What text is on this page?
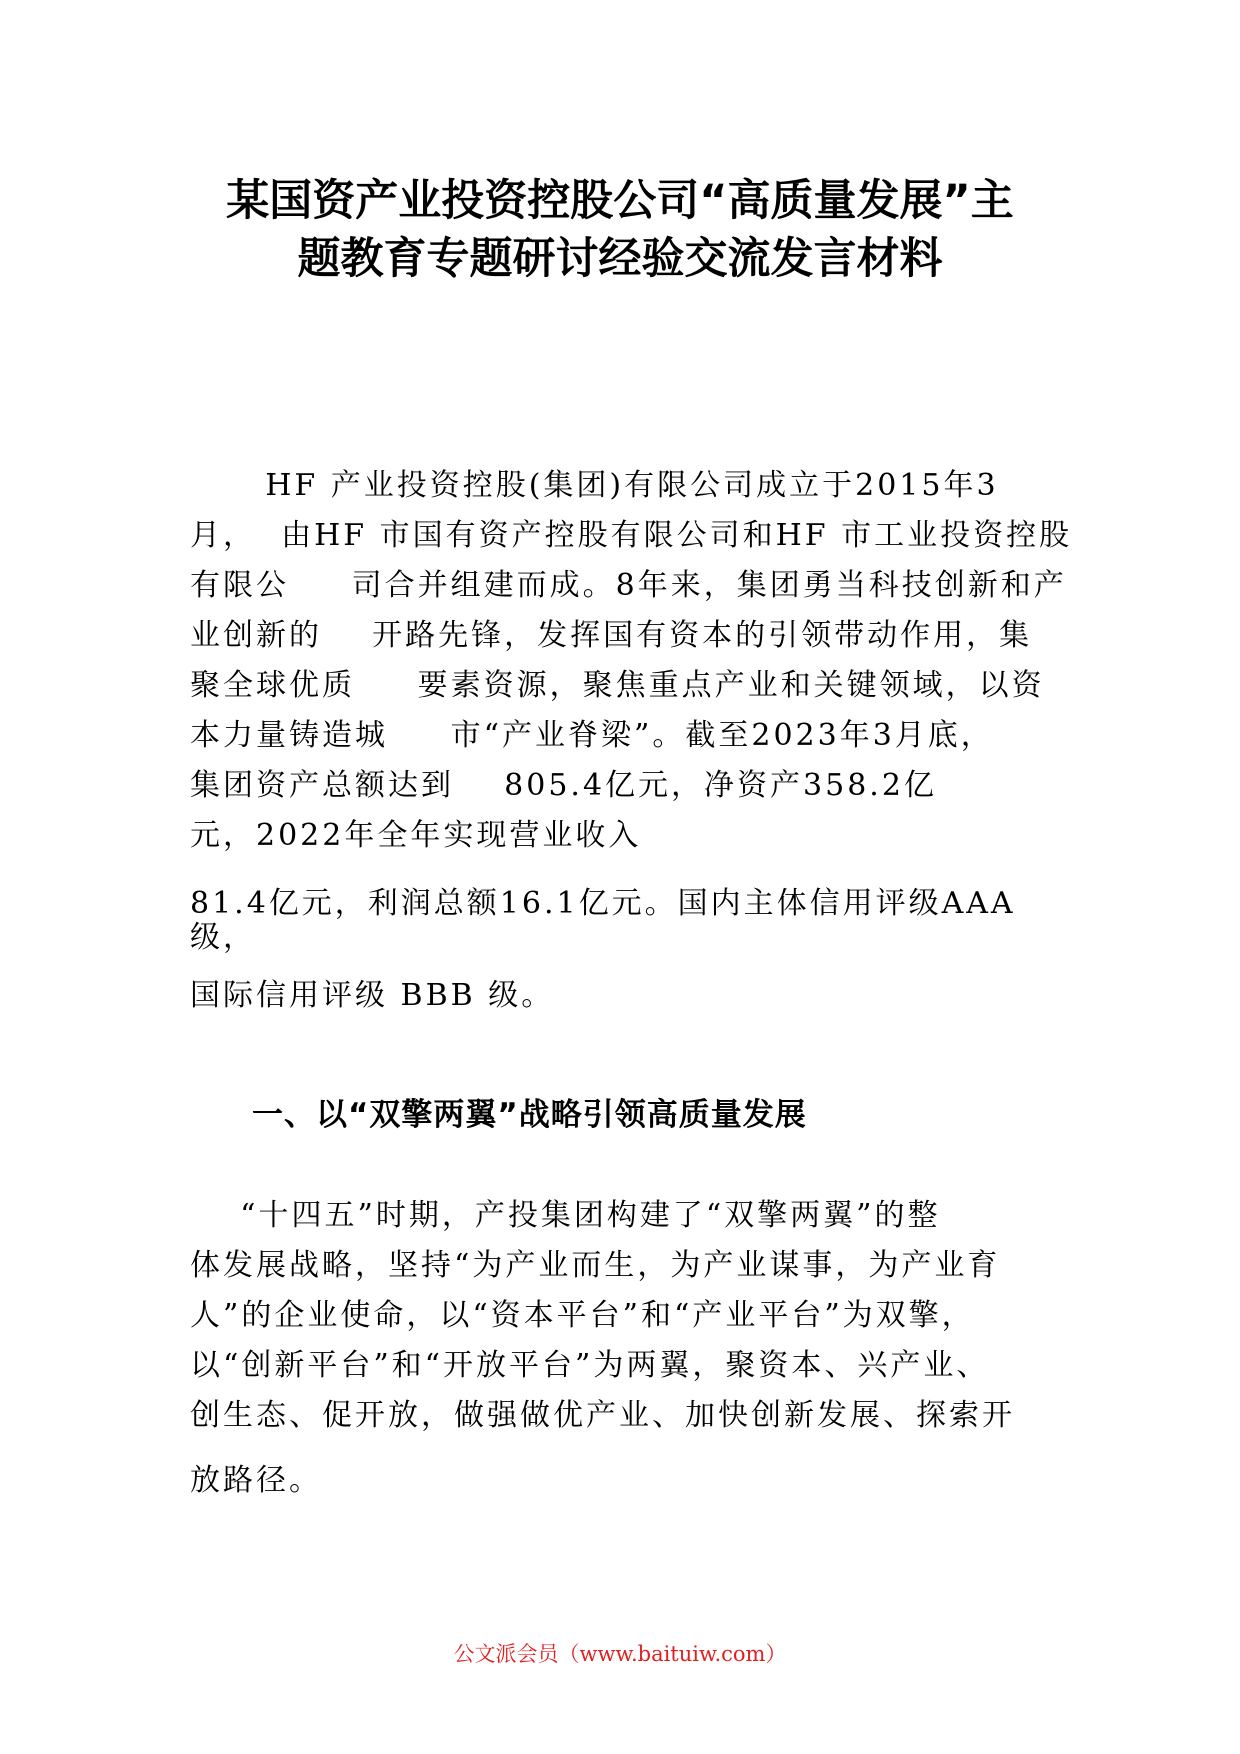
某国资产业投资控股公司“高质量发展”主
题教育专题研讨经验交流发言材料
HF 产业投资控股(集团)有限公司成立于2015年3
月，  由HF 市国有资产控股有限公司和HF 市工业投资控股
有限公     司合并组建而成。8年来，集团勇当科技创新和产
业创新的    开路先锋，发挥国有资本的引领带动作用，集
聚全球优质     要素资源，聚焦重点产业和关键领域，以资
本力量铸造城     市“产业脊梁”。截至2023年3月底，
集团资产总额达到    805.4亿元，净资产358.2亿
元，2022年全年实现营业收入
81.4亿元，利润总额16.1亿元。国内主体信用评级AAA
级，
国际信用评级 BBB 级。
一、以“双擎两翼”战略引领高质量发展
“十四五”时期，产投集团构建了“双擎两翼”的整
体发展战略，坚持“为产业而生，为产业谋事，为产业育
人”的企业使命，以“资本平台”和“产业平台”为双擎，
以“创新平台”和“开放平台”为两翼，聚资本、兴产业、
创生态、促开放，做强做优产业、加快创新发展、探索开
放路径。
公文派会员（www.baituiw.com）
